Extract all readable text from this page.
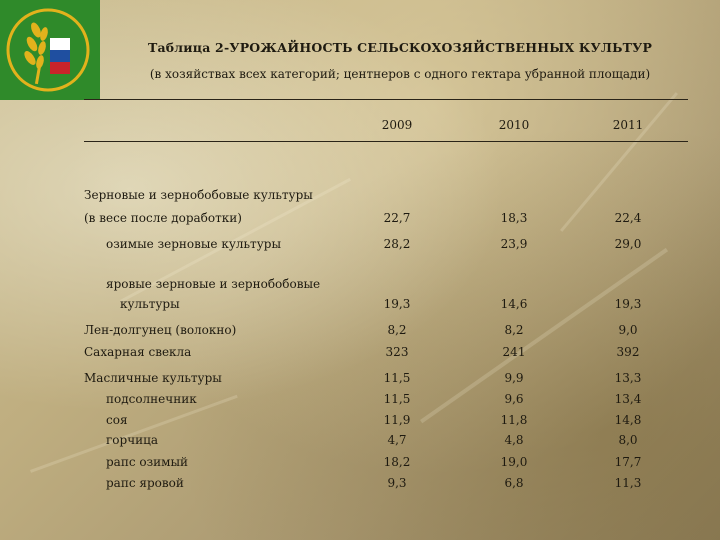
Таблица 2-УРОЖАЙНОСТЬ СЕЛЬСКОХОЗЯЙСТВЕННЫХ КУЛЬТУР
(в хозяйствах всех категорий; центнеров с одного гектара убранной площади)
2009	2010	2011
Зерновые и зернобобовые культуры
(в весе после доработки)	22,7	18,3	22,4
озимые зерновые культуры	28,2	23,9	29,0
яровые зерновые и зернобобовые
культуры	19,3	14,6	19,3
Лен-долгунец (волокно)	8,2	8,2	9,0
Сахарная свекла	323	241	392
Масличные культуры	11,5	9,9	13,3
подсолнечник	11,5	9,6	13,4
соя	11,9	11,8	14,8
горчица	4,7	4,8	8,0
рапс озимый	18,2	19,0	17,7
рапс яровой	9,3	6,8	11,3
